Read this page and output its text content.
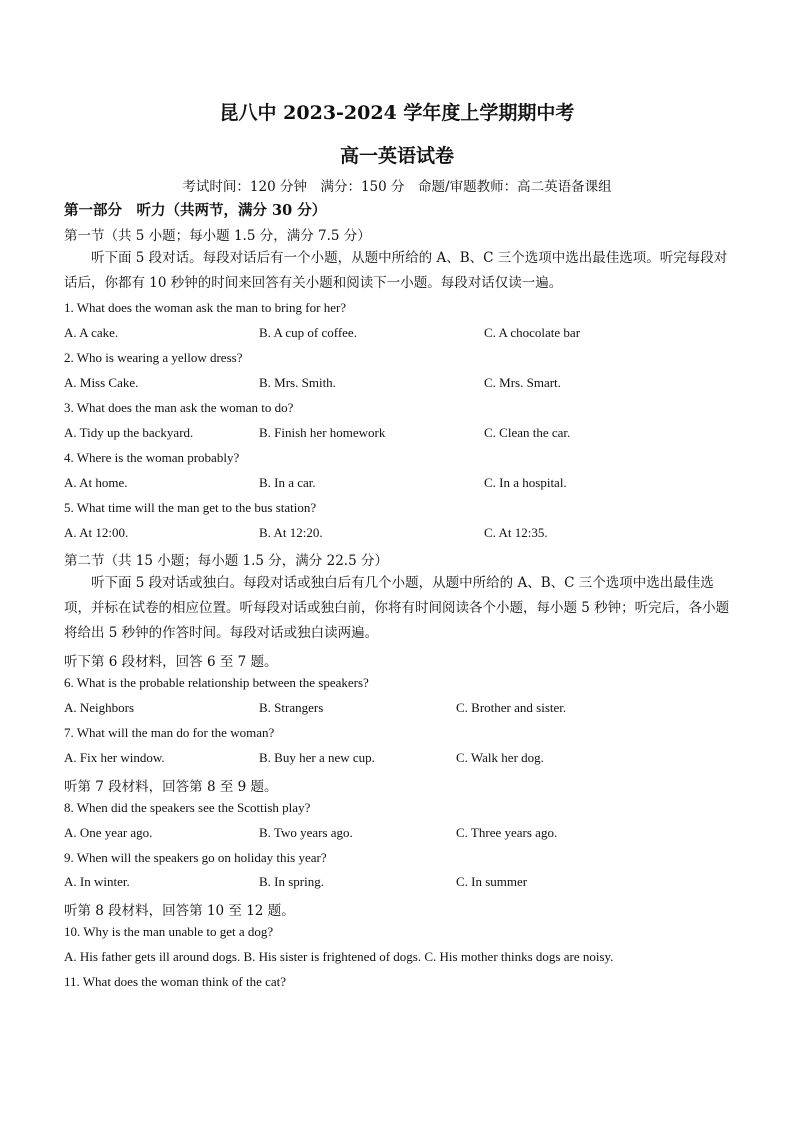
昆八中 2023-2024 学年度上学期期中考
高一英语试卷
考试时间：120 分钟　满分：150 分　命题/审题教师：高二英语备课组
第一部分　听力（共两节，满分 30 分）
第一节（共 5 小题；每小题 1.5 分，满分 7.5 分）
听下面 5 段对话。每段对话后有一个小题，从题中所给的 A、B、C 三个选项中选出最佳选项。听完每段对话后，你都有 10 秒钟的时间来回答有关小题和阅读下一小题。每段对话仅读一遍。
1. What does the woman ask the man to bring for her?
A. A cake.	B. A cup of coffee.	C. A chocolate bar
2. Who is wearing a yellow dress?
A. Miss Cake.	B. Mrs. Smith.	C. Mrs. Smart.
3. What does the man ask the woman to do?
A. Tidy up the backyard.	B. Finish her homework	C. Clean the car.
4. Where is the woman probably?
A. At home.	B. In a car.	C. In a hospital.
5. What time will the man get to the bus station?
A. At 12:00.	B. At 12:20.	C. At 12:35.
第二节（共 15 小题；每小题 1.5 分，满分 22.5 分）
听下面 5 段对话或独白。每段对话或独白后有几个小题，从题中所给的 A、B、C 三个选项中选出最佳选项，并标在试卷的相应位置。听每段对话或独白前，你将有时间阅读各个小题，每小题 5 秒钟；听完后，各小题将给出 5 秒钟的作答时间。每段对话或独白读两遍。
听下第 6 段材料，回答 6 至 7 题。
6. What is the probable relationship between the speakers?
A. Neighbors	B. Strangers	C. Brother and sister.
7. What will the man do for the woman?
A. Fix her window.	B. Buy her a new cup.	C. Walk her dog.
听第 7 段材料，回答第 8 至 9 题。
8. When did the speakers see the Scottish play?
A. One year ago.	B. Two years ago.	C. Three years ago.
9. When will the speakers go on holiday this year?
A. In winter.	B. In spring.	C. In summer
听第 8 段材料，回答第 10 至 12 题。
10. Why is the man unable to get a dog?
A. His father gets ill around dogs. B. His sister is frightened of dogs. C. His mother thinks dogs are noisy.
11. What does the woman think of the cat?
